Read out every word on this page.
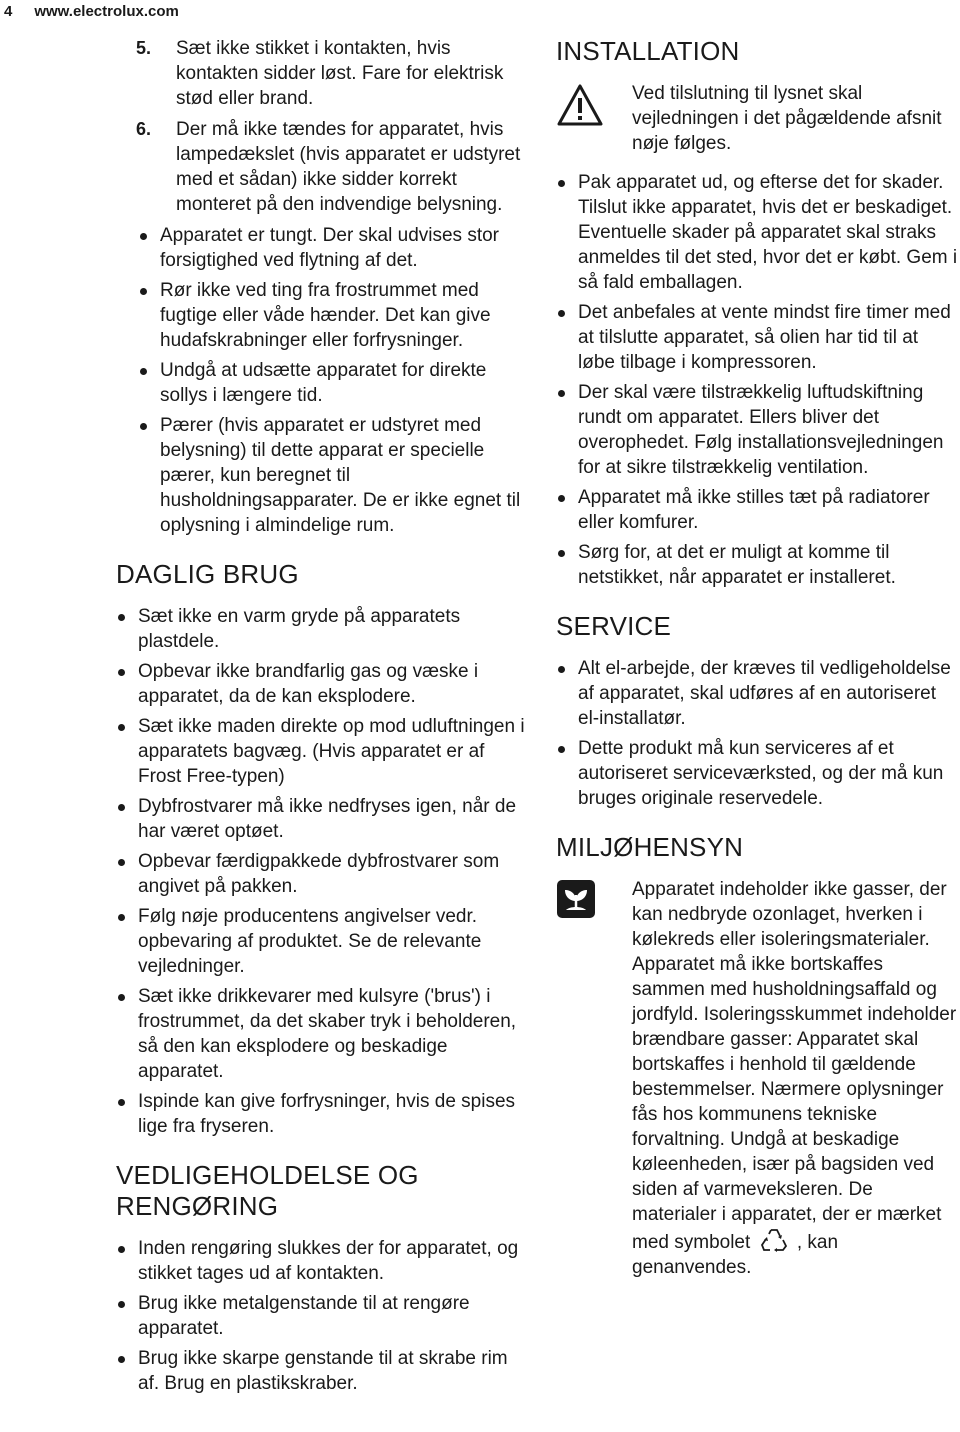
4 www.electrolux.com
5. Sæt ikke stikket i kontakten, hvis kontakten sidder løst. Fare for elektrisk stød eller brand.
6. Der må ikke tændes for apparatet, hvis lampedækslet (hvis apparatet er udstyret med et sådan) ikke sidder korrekt monteret på den indvendige belysning.
Apparatet er tungt. Der skal udvises stor forsigtighed ved flytning af det.
Rør ikke ved ting fra frostrummet med fugtige eller våde hænder. Det kan give hudafskrabninger eller forfrysninger.
Undgå at udsætte apparatet for direkte sollys i længere tid.
Pærer (hvis apparatet er udstyret med belysning) til dette apparat er specielle pærer, kun beregnet til husholdningsapparater. De er ikke egnet til oplysning i almindelige rum.
DAGLIG BRUG
Sæt ikke en varm gryde på apparatets plastdele.
Opbevar ikke brandfarlig gas og væske i apparatet, da de kan eksplodere.
Sæt ikke maden direkte op mod udluftningen i apparatets bagvæg. (Hvis apparatet er af Frost Free-typen)
Dybfrostvarer må ikke nedfryses igen, når de har været optøet.
Opbevar færdigpakkede dybfrostvarer som angivet på pakken.
Følg nøje producentens angivelser vedr. opbevaring af produktet. Se de relevante vejledninger.
Sæt ikke drikkevarer med kulsyre ('brus') i frostrummet, da det skaber tryk i beholderen, så den kan eksplodere og beskadige apparatet.
Ispinde kan give forfrysninger, hvis de spises lige fra fryseren.
VEDLIGEHOLDELSE OG
RENGØRING
Inden rengøring slukkes der for apparatet, og stikket tages ud af kontakten.
Brug ikke metalgenstande til at rengøre apparatet.
Brug ikke skarpe genstande til at skrabe rim af. Brug en plastikskraber.
INSTALLATION
Ved tilslutning til lysnet skal vejledningen i det pågældende afsnit nøje følges.
Pak apparatet ud, og efterse det for skader. Tilslut ikke apparatet, hvis det er beskadiget. Eventuelle skader på apparatet skal straks anmeldes til det sted, hvor det er købt. Gem i så fald emballagen.
Det anbefales at vente mindst fire timer med at tilslutte apparatet, så olien har tid til at løbe tilbage i kompressoren.
Der skal være tilstrækkelig luftudskiftning rundt om apparatet. Ellers bliver det overophedet. Følg installationsvejledningen for at sikre tilstrækkelig ventilation.
Apparatet må ikke stilles tæt på radiatorer eller komfurer.
Sørg for, at det er muligt at komme til netstikket, når apparatet er installeret.
SERVICE
Alt el-arbejde, der kræves til vedligeholdelse af apparatet, skal udføres af en autoriseret el-installatør.
Dette produkt må kun serviceres af et autoriseret serviceværksted, og der må kun bruges originale reservedele.
MILJØHENSYN
Apparatet indeholder ikke gasser, der kan nedbryde ozonlaget, hverken i kølekreds eller isoleringsmaterialer. Apparatet må ikke bortskaffes sammen med husholdningsaffald og jordfyld. Isoleringsskummet indeholder brændbare gasser: Apparatet skal bortskaffes i henhold til gældende bestemmelser. Nærmere oplysninger fås hos kommunens tekniske forvaltning. Undgå at beskadige køleenheden, især på bagsiden ved siden af varmeveksleren. De materialer i apparatet, der er mærket med symbolet , kan genanvendes.
